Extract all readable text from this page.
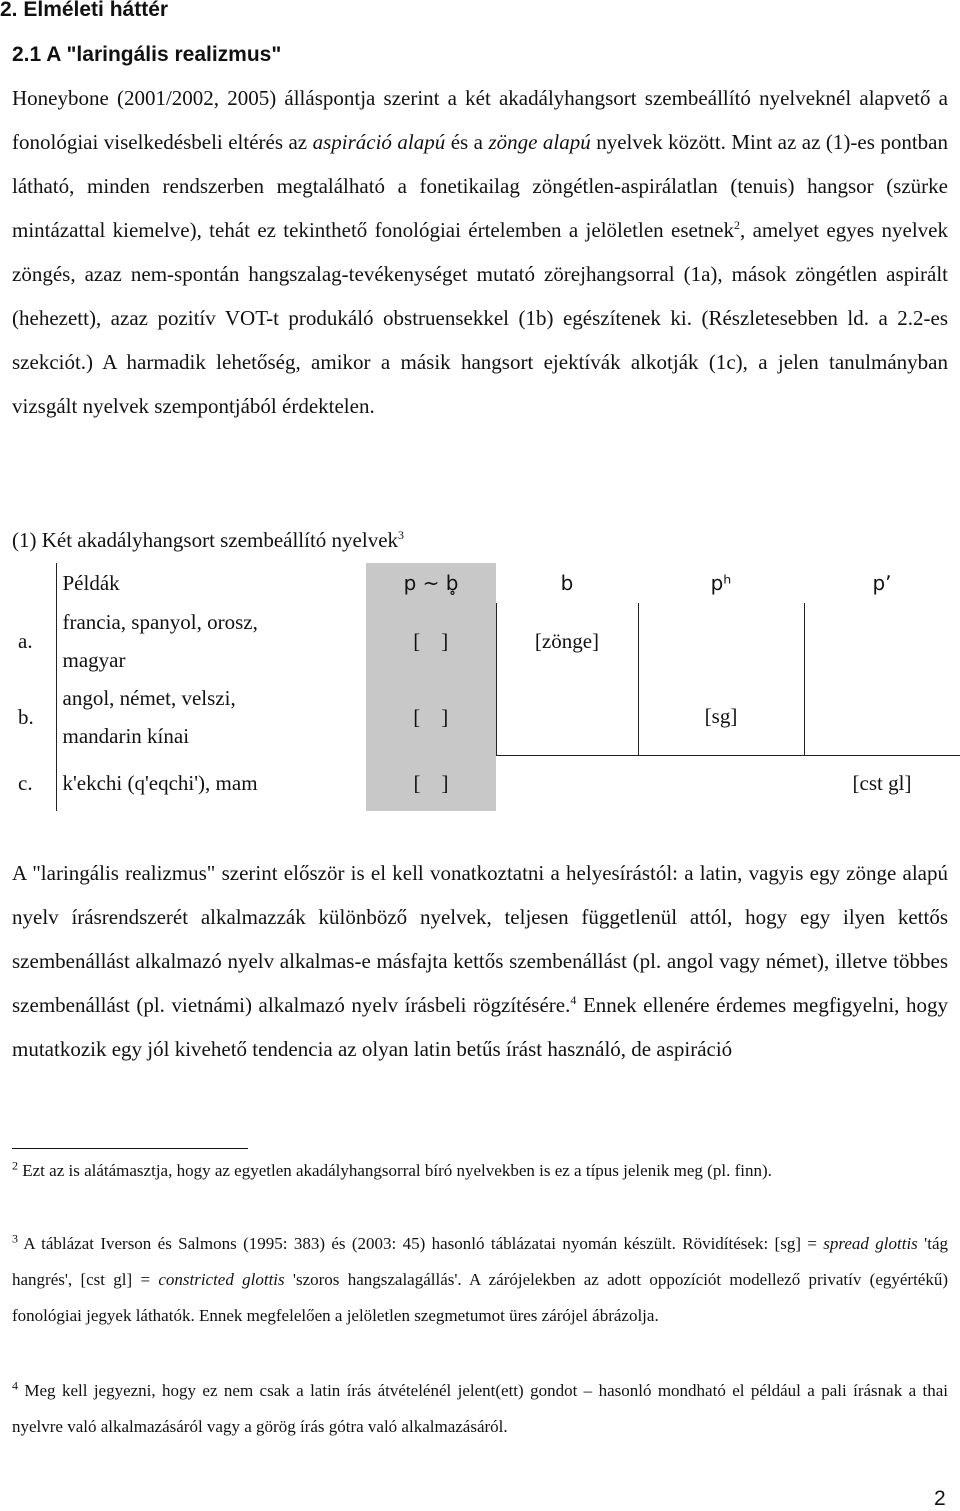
2. Elméleti háttér
2.1 A "laringális realizmus"

Honeybone (2001/2002, 2005) álláspontja szerint a két akadályhangsort szembeállító nyelveknél alapvető a fonológiai viselkedésbeli eltérés az aspiráció alapú és a zönge alapú nyelvek között. Mint az az (1)-es pontban látható, minden rendszerben megtalálható a fonetikailag zöngétlen-aspirálatlan (tenuis) hangsor (szürke mintázattal kiemelve), tehát ez tekinthető fonológiai értelemben a jelöletlen esetnek$^2$, amelyet egyes nyelvek zöngés, azaz nem-spontán hangszalag-tevékenységet mutató zörejhangsorral (1a), mások zöngétlen aspirált (hehezett), azaz pozitív VOT-t produkáló obstruensekkel (1b) egészítenek ki. (Részletesebben ld. a 2.2-es szekciót.) A harmadik lehetőség, amikor a másik hangsort ejektívák alkotják (1c), a jelen tanulmányban vizsgált nyelvek szempontjából érdektelen.

(1) Két akadályhangsort szembeállító nyelvek$^3$
	Példák	p ~ b̥	b	pʰ	pʼ
a.	francia, spanyol, orosz,
magyar	[    ]	[zönge]		
b.	angol, német, velszi,
mandarin kínai	[    ]		[sg]	
c.	k'ekchi (q'eqchi'), mam	[    ]			[cst gl]

A "laringális realizmus" szerint először is el kell vonatkoztatni a helyesírástól: a latin, vagyis egy zönge alapú nyelv írásrendszerét alkalmazzák különböző nyelvek, teljesen függetlenül attól, hogy egy ilyen kettős szembenállást alkalmazó nyelv alkalmas-e másfajta kettős szembenállást (pl. angol vagy német), illetve többes szembenállást (pl. vietnámi) alkalmazó nyelv írásbeli rögzítésére.$^4$ Ennek ellenére érdemes megfigyelni, hogy mutatkozik egy jól kivehető tendencia az olyan latin betűs írást használó, de aspiráció

$^2$ Ezt az is alátámasztja, hogy az egyetlen akadályhangsorral bíró nyelvekben is ez a típus jelenik meg (pl. finn).

$^3$ A táblázat Iverson és Salmons (1995: 383) és (2003: 45) hasonló táblázatai nyomán készült. Rövidítések: [sg] = spread glottis 'tág hangrés', [cst gl] = constricted glottis 'szoros hangszalagállás'. A zárójelekben az adott oppozíciót modellező privatív (egyértékű) fonológiai jegyek láthatók. Ennek megfelelően a jelöletlen szegmetumot üres zárójel ábrázolja.

$^4$ Meg kell jegyezni, hogy ez nem csak a latin írás átvételénél jelent(ett) gondot – hasonló mondható el például a pali írásnak a thai nyelvre való alkalmazásáról vagy a görög írás gótra való alkalmazásáról.

2
